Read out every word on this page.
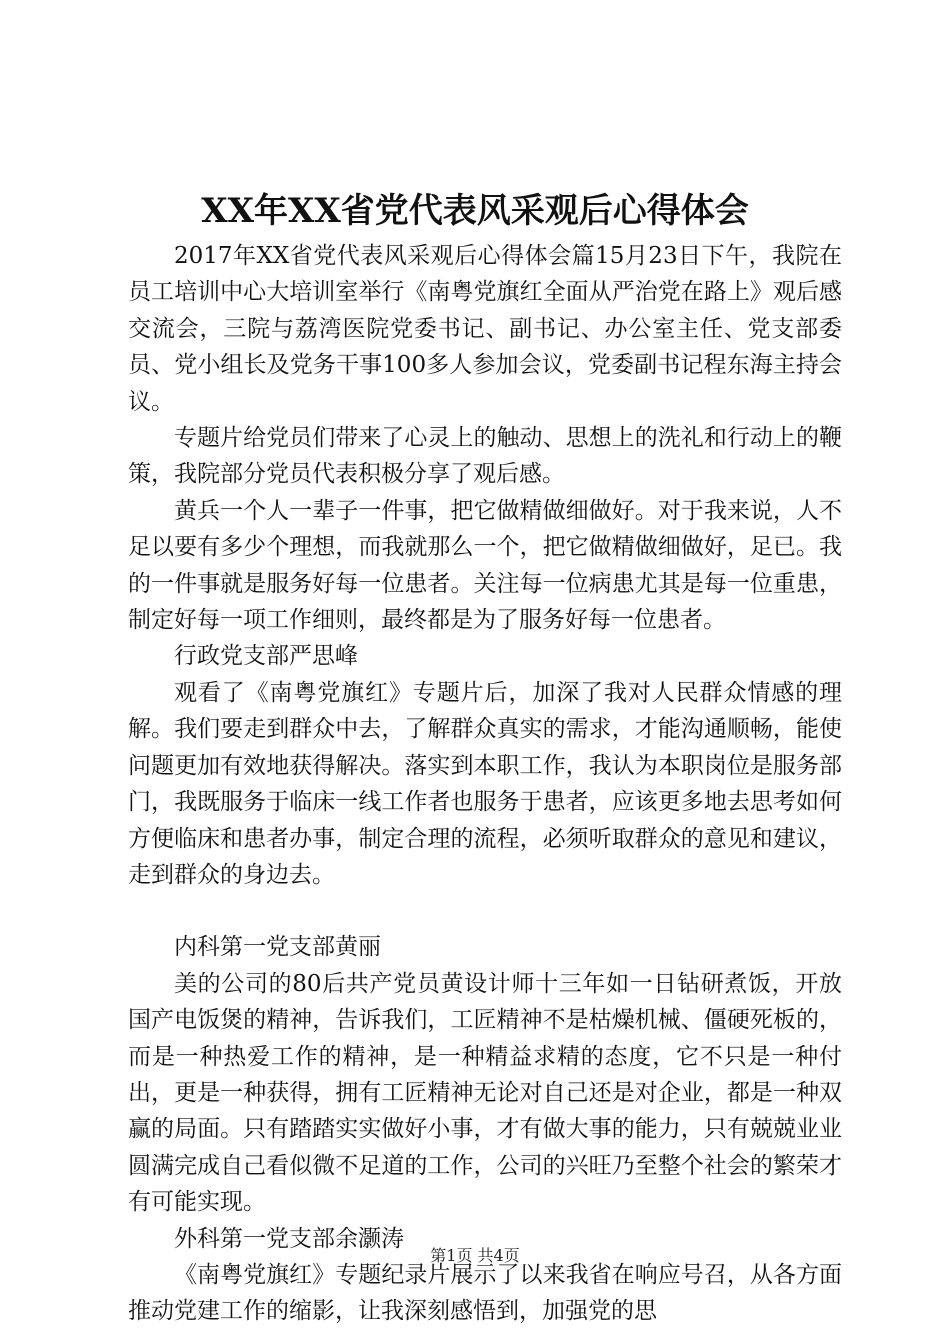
XX年XX省党代表风采观后心得体会

2017年XX省党代表风采观后心得体会篇15月23日下午，我院在员工培训中心大培训室举行《南粤党旗红全面从严治党在路上》观后感交流会，三院与荔湾医院党委书记、副书记、办公室主任、党支部委员、党小组长及党务干事100多人参加会议，党委副书记程东海主持会议。

专题片给党员们带来了心灵上的触动、思想上的洗礼和行动上的鞭策，我院部分党员代表积极分享了观后感。

黄兵一个人一辈子一件事，把它做精做细做好。对于我来说，人不足以要有多少个理想，而我就那么一个，把它做精做细做好，足已。我的一件事就是服务好每一位患者。关注每一位病患尤其是每一位重患，制定好每一项工作细则，最终都是为了服务好每一位患者。

行政党支部严思峰

观看了《南粤党旗红》专题片后，加深了我对人民群众情感的理解。我们要走到群众中去，了解群众真实的需求，才能沟通顺畅，能使问题更加有效地获得解决。落实到本职工作，我认为本职岗位是服务部门，我既服务于临床一线工作者也服务于患者，应该更多地去思考如何方便临床和患者办事，制定合理的流程，必须听取群众的意见和建议，走到群众的身边去。

内科第一党支部黄丽

美的公司的80后共产党员黄设计师十三年如一日钻研煮饭，开放国产电饭煲的精神，告诉我们，工匠精神不是枯燥机械、僵硬死板的，而是一种热爱工作的精神，是一种精益求精的态度，它不只是一种付出，更是一种获得，拥有工匠精神无论对自己还是对企业，都是一种双赢的局面。只有踏踏实实做好小事，才有做大事的能力，只有兢兢业业圆满完成自己看似微不足道的工作，公司的兴旺乃至整个社会的繁荣才有可能实现。

外科第一党支部余灏涛

《南粤党旗红》专题纪录片展示了以来我省在响应号召，从各方面推动党建工作的缩影，让我深刻感悟到，加强党的思

第1页 共4页
